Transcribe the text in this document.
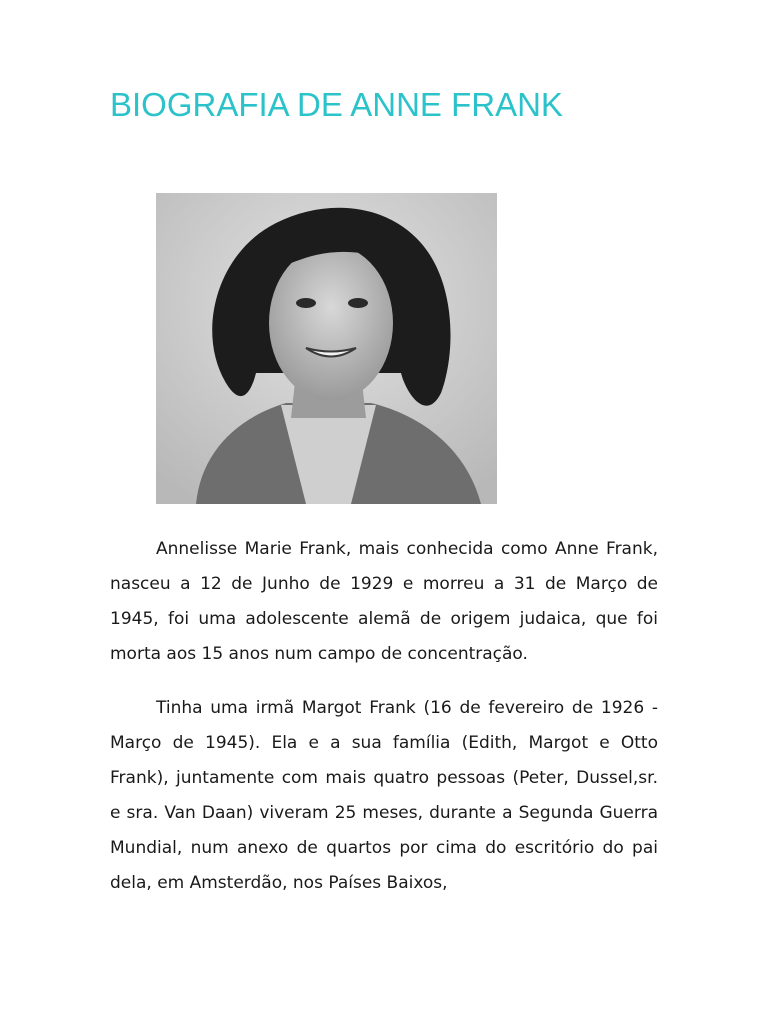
BIOGRAFIA DE ANNE FRANK

Annelisse Marie Frank, mais conhecida como Anne Frank, nasceu a 12 de Junho de 1929 e morreu a 31 de Março de 1945, foi uma adolescente alemã de origem judaica, que foi morta aos 15 anos num campo de concentração.

Tinha uma irmã Margot Frank (16 de fevereiro de 1926 - Março de 1945). Ela e a sua família (Edith, Margot e Otto Frank), juntamente com mais quatro pessoas (Peter, Dussel,sr. e sra. Van Daan) viveram 25 meses, durante a Segunda Guerra Mundial, num anexo de quartos por cima do escritório do pai dela, em Amsterdão, nos Países Baixos,
